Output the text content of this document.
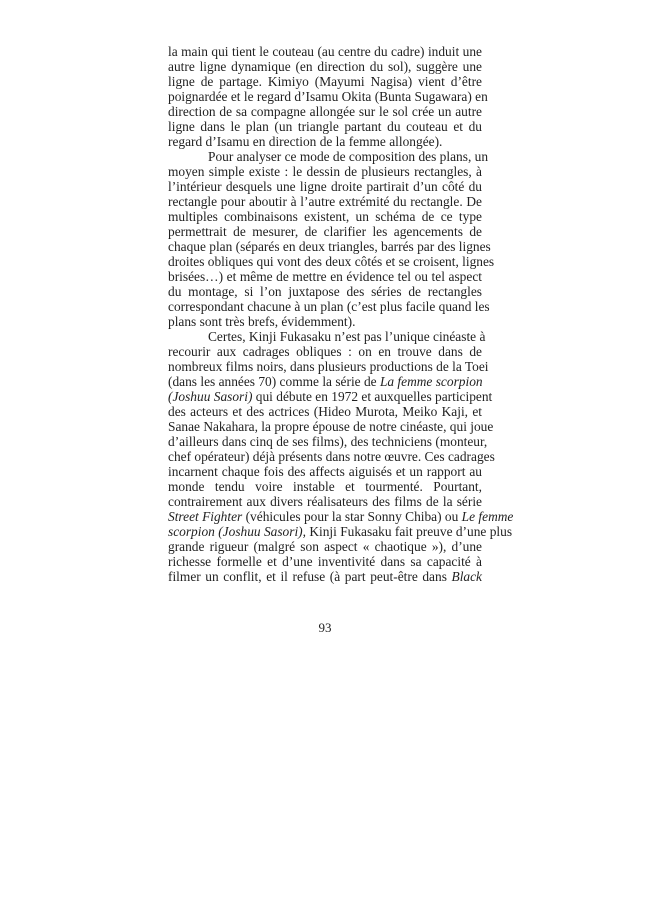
la main qui tient le couteau (au centre du cadre) induit une
autre ligne dynamique (en direction du sol), suggère une
ligne de partage. Kimiyo (Mayumi Nagisa) vient d’être
poignardée et le regard d’Isamu Okita (Bunta Sugawara) en
direction de sa compagne allongée sur le sol crée un autre
ligne dans le plan (un triangle partant du couteau et du
regard d’Isamu en direction de la femme allongée).
Pour analyser ce mode de composition des plans, un
moyen simple existe : le dessin de plusieurs rectangles, à
l’intérieur desquels une ligne droite partirait d’un côté du
rectangle pour aboutir à l’autre extrémité du rectangle. De
multiples combinaisons existent, un schéma de ce type
permettrait de mesurer, de clarifier les agencements de
chaque plan (séparés en deux triangles, barrés par des lignes
droites obliques qui vont des deux côtés et se croisent, lignes
brisées…) et même de mettre en évidence tel ou tel aspect
du montage, si l’on juxtapose des séries de rectangles
correspondant chacune à un plan (c’est plus facile quand les
plans sont très brefs, évidemment).
Certes, Kinji Fukasaku n’est pas l’unique cinéaste à
recourir aux cadrages obliques : on en trouve dans de
nombreux films noirs, dans plusieurs productions de la Toei
(dans les années 70) comme la série de La femme scorpion
(Joshuu Sasori) qui débute en 1972 et auxquelles participent
des acteurs et des actrices (Hideo Murota, Meiko Kaji, et
Sanae Nakahara, la propre épouse de notre cinéaste, qui joue
d’ailleurs dans cinq de ses films), des techniciens (monteur,
chef opérateur) déjà présents dans notre œuvre. Ces cadrages
incarnent chaque fois des affects aiguisés et un rapport au
monde tendu voire instable et tourmenté. Pourtant,
contrairement aux divers réalisateurs des films de la série
Street Fighter (véhicules pour la star Sonny Chiba) ou Le femme
scorpion (Joshuu Sasori), Kinji Fukasaku fait preuve d’une plus
grande rigueur (malgré son aspect « chaotique »), d’une
richesse formelle et d’une inventivité dans sa capacité à
filmer un conflit, et il refuse (à part peut-être dans Black
93
